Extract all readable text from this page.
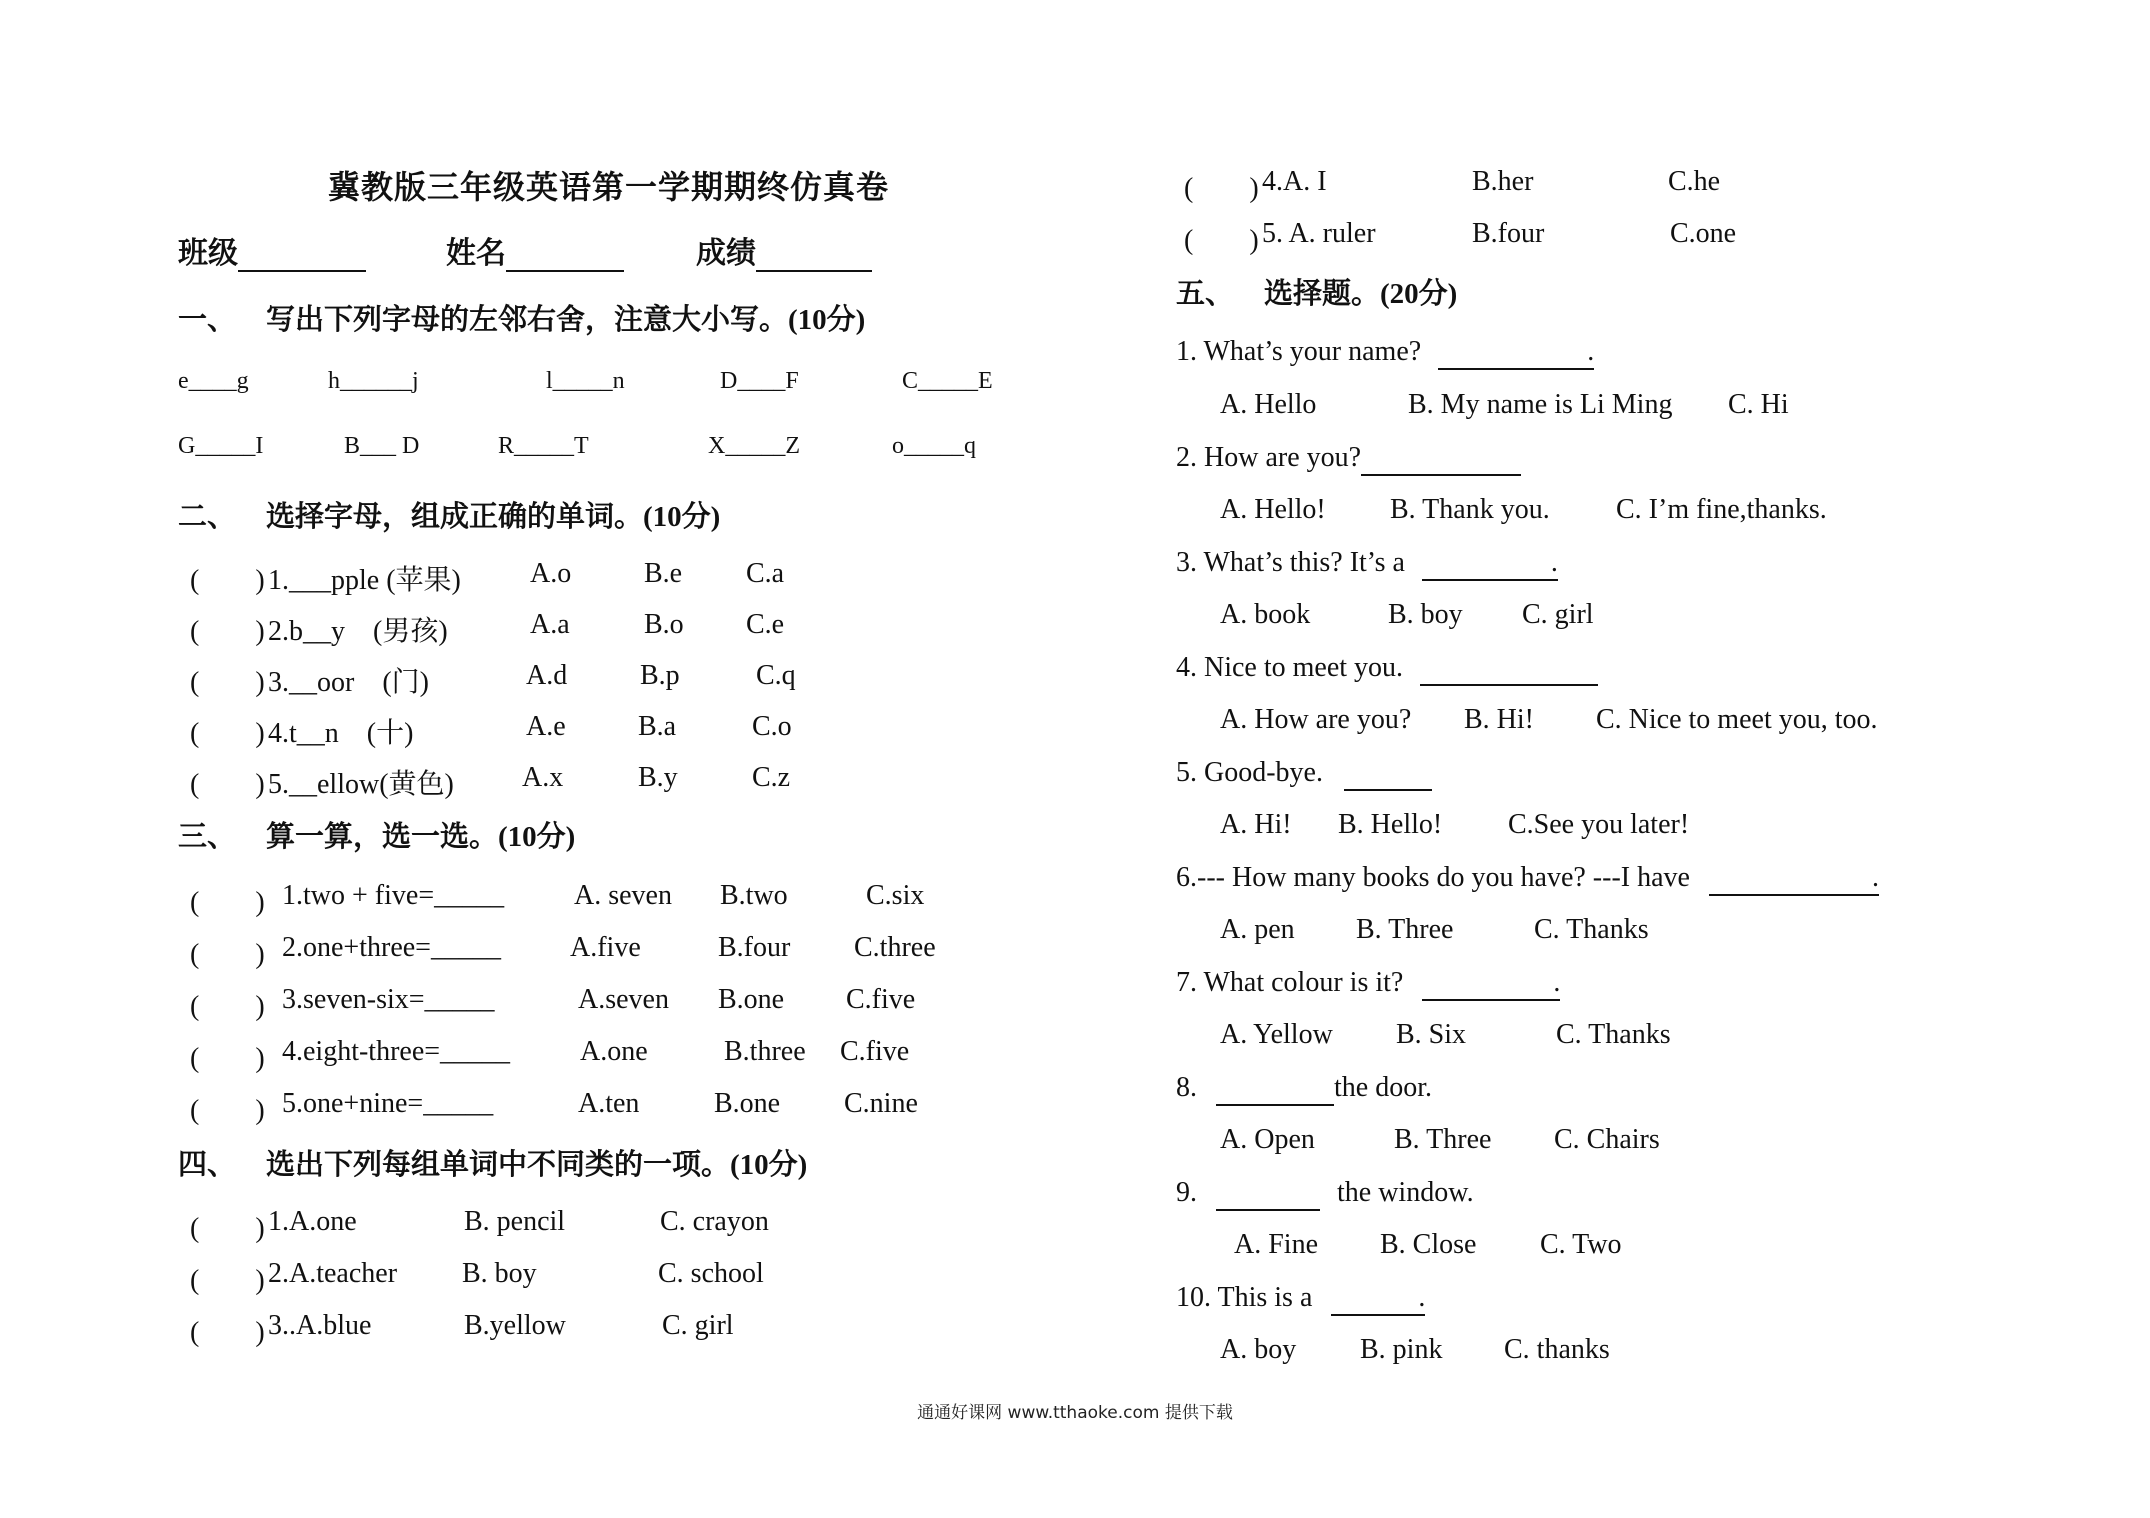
冀教版三年级英语第一学期期终仿真卷
班级	姓名	成绩
一、 写出下列字母的左邻右舍，注意大小写。(10分)
e____g	h______j	l_____n	D____F	C_____E
G_____I	B___ D	R_____T	X_____Z	o_____q
二、 选择字母，组成正确的单词。(10分)
(　　) 1.___pple (苹果) A.o	B.e C.a
(　　) 2.b__y　(男孩)	A.a	B.o C.e
(　　) 3.__oor　(门)	A.d	B.p	C.q
(　　) 4.t__n　(十)	A.e	B.a	C.o
(　　) 5.__ellow(黄色) A.x	B.y	C.z
三、 算一算，选一选。(10分)
(　　) 1.two + five=_____ A. seven B.two	C.six
(　　) 2.one+three=_____ A.five	B.four C.three
(　　) 3.seven-six=_____	A.seven B.one C.five
(　　) 4.eight-three=_____ A.one	B.three C.five
(　　) 5.one+nine=_____	A.ten	B.one C.nine
四、 选出下列每组单词中不同类的一项。(10分)
(　　) 1.A.one	B. pencil	C. crayon
(　　) 2.A.teacher B. boy	C. school
(　　) 3..A.blue	B.yellow	C. girl
(　　) 4.A. I	B.her	C.he
(　　) 5. A. ruler	B.four	C.one
五、 选择题。(20分)
1. What’s your name?	.

A. Hello	B. My name is Li Ming C. Hi
2. How are you?
A. Hello! B. Thank you. C. I’m fine,thanks.
3. What’s this? It’s a	.

A. book	B. boy C. girl
4. Nice to meet you.
A. How are you? B. Hi! C. Nice to meet you, too.
5. Good-bye.
A. Hi! B. Hello! C.See you later!
6.--- How many books do you have? ---I have	.

A. pen B. Three	C. Thanks
7. What colour is it?	.

A. Yellow B. Six	C. Thanks
8.	the door.
A. Open	B. Three C. Chairs
9.	the window.
A. Fine B. Close C. Two
10. This is a	.

A. boy B. pink C. thanks
通通好课网 www.tthaoke.com 提供下载
